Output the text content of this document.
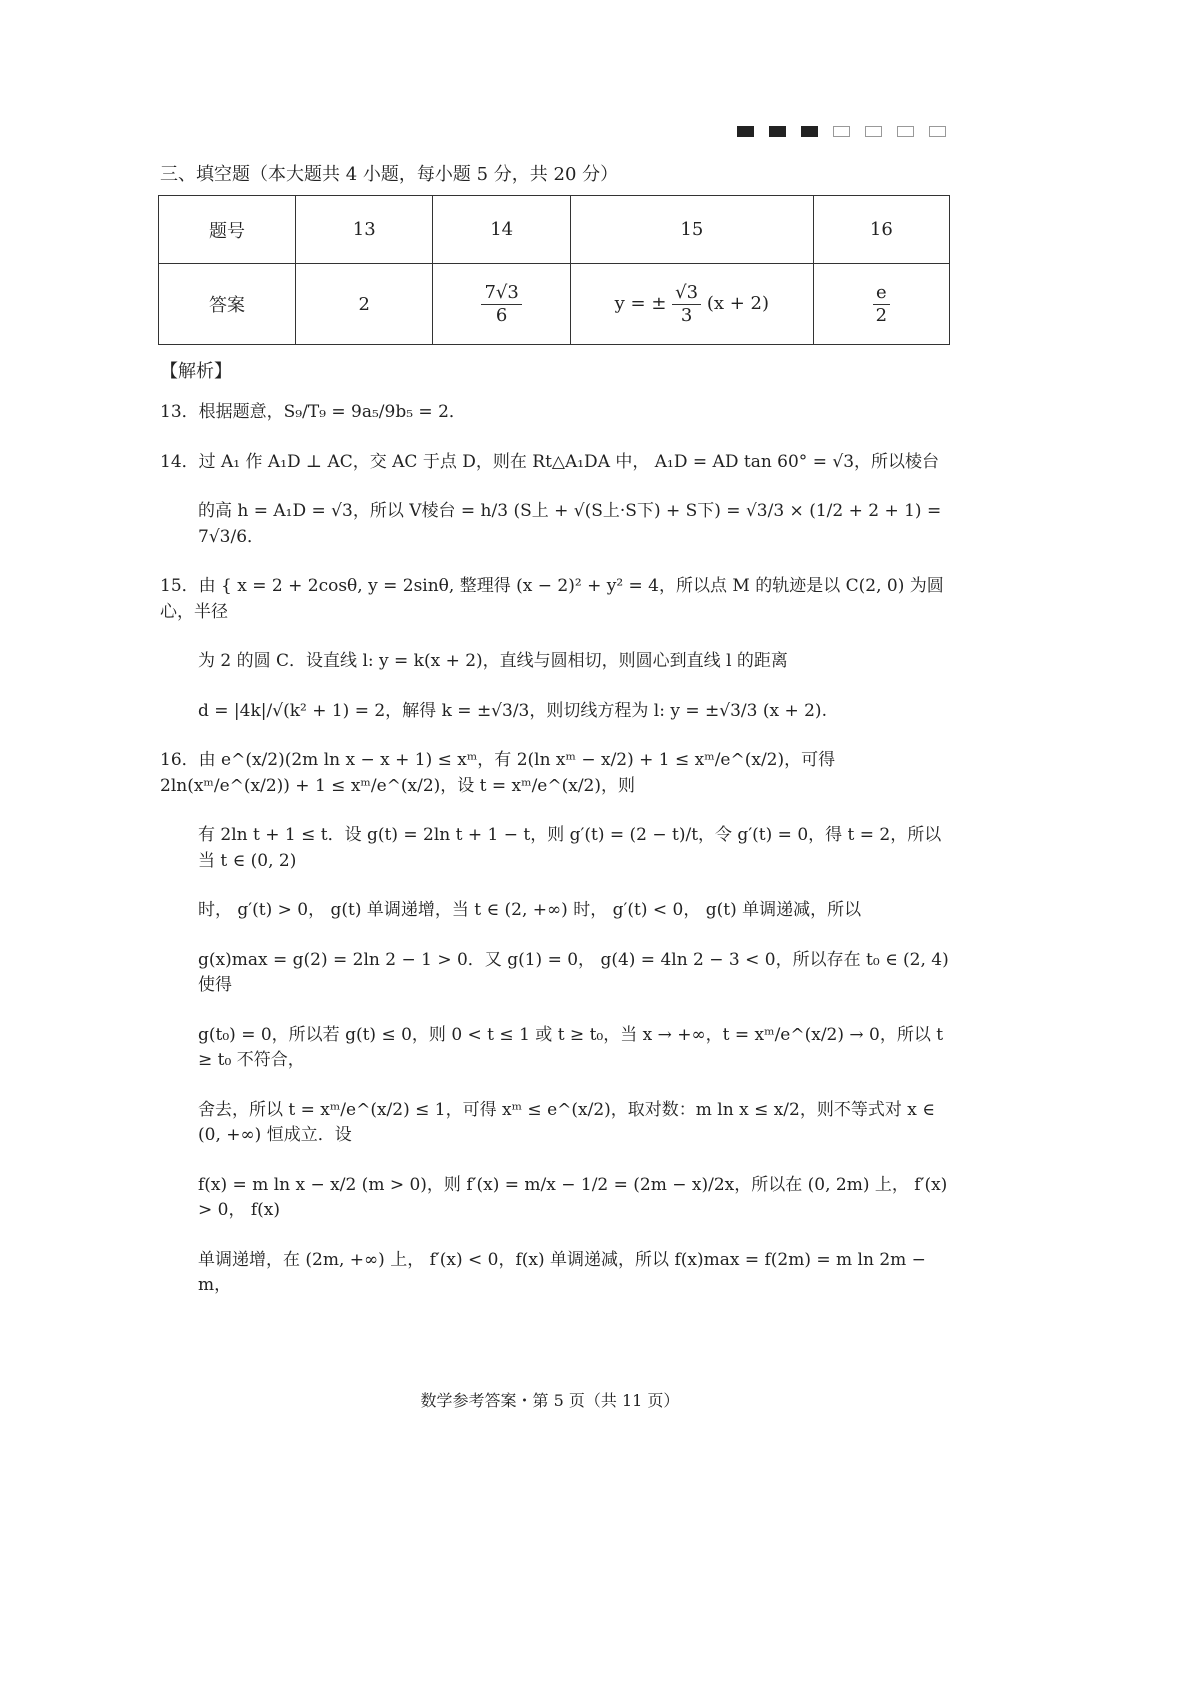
三、填空题（本大题共 4 小题，每小题 5 分，共 20 分）
题号	13	14	15	16
答案	2	$\frac{7√3}{6}$	y = ± $\frac{√3}{3} (x + 2)$	$\frac{e}{2}$
【解析】
13．根据题意，S₉/T₉ = 9a₅/9b₅ = 2．
14．过 A₁ 作 A₁D ⊥ AC，交 AC 于点 D，则在 Rt△A₁DA 中， A₁D = AD tan 60° = √3，所以棱台
的高 h = A₁D = √3，所以 V棱台 = h/3 (S上 + √(S上·S下) + S下) = √3/3 × (1/2 + 2 + 1) = 7√3/6．
15．由 { x = 2 + 2cosθ, y = 2sinθ, 整理得 (x − 2)² + y² = 4，所以点 M 的轨迹是以 C(2, 0) 为圆心，半径
为 2 的圆 C．设直线 l: y = k(x + 2)，直线与圆相切，则圆心到直线 l 的距离
d = |4k|/√(k² + 1) = 2，解得 k = ±√3/3，则切线方程为 l: y = ±√3/3 (x + 2).
16．由 e^(x/2)(2m ln x − x + 1) ≤ xᵐ，有 2(ln xᵐ − x/2) + 1 ≤ xᵐ/e^(x/2)，可得 2ln(xᵐ/e^(x/2)) + 1 ≤ xᵐ/e^(x/2)，设 t = xᵐ/e^(x/2)，则
有 2ln t + 1 ≤ t．设 g(t) = 2ln t + 1 − t，则 g′(t) = (2 − t)/t，令 g′(t) = 0，得 t = 2，所以当 t ∈ (0, 2)
时， g′(t) > 0， g(t) 单调递增，当 t ∈ (2, +∞) 时， g′(t) < 0， g(t) 单调递减，所以
g(x)max = g(2) = 2ln 2 − 1 > 0．又 g(1) = 0， g(4) = 4ln 2 − 3 < 0，所以存在 t₀ ∈ (2, 4) 使得
g(t₀) = 0，所以若 g(t) ≤ 0，则 0 < t ≤ 1 或 t ≥ t₀，当 x → +∞，t = xᵐ/e^(x/2) → 0，所以 t ≥ t₀ 不符合，
舍去，所以 t = xᵐ/e^(x/2) ≤ 1，可得 xᵐ ≤ e^(x/2)，取对数：m ln x ≤ x/2，则不等式对 x ∈ (0, +∞) 恒成立．设
f(x) = m ln x − x/2 (m > 0)，则 f′(x) = m/x − 1/2 = (2m − x)/2x，所以在 (0, 2m) 上， f′(x) > 0， f(x)
单调递增，在 (2m, +∞) 上， f′(x) < 0，f(x) 单调递减，所以 f(x)max = f(2m) = m ln 2m − m，
数学参考答案・第 5 页（共 11 页）
